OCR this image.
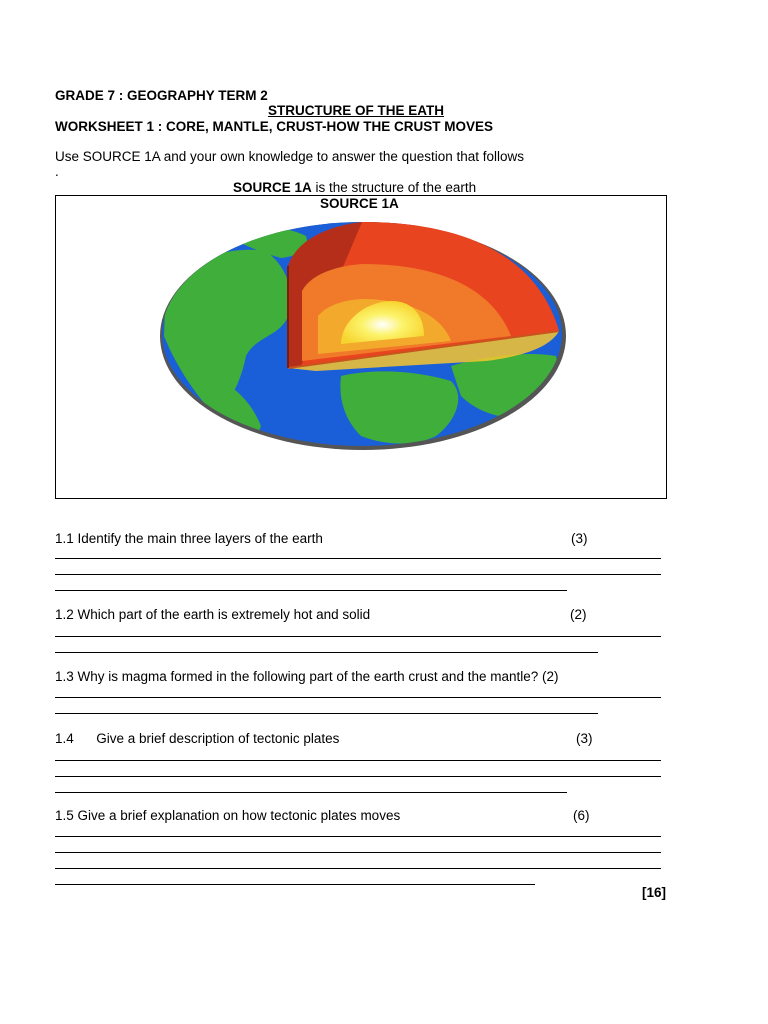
GRADE 7 : GEOGRAPHY TERM 2
STRUCTURE OF THE EATH
WORKSHEET 1 : CORE, MANTLE, CRUST-HOW THE CRUST MOVES
Use SOURCE 1A and your own knowledge to answer the question that follows
.
SOURCE 1A is the structure of the earth
SOURCE 1A
1.1 Identify the main three layers of the earth	(3)
1.2 Which part of the earth is extremely hot and solid	(2)
1.3 Why is magma formed in the following part of the earth crust and the mantle? (2)
1.4      Give a brief description of tectonic plates	(3)
1.5 Give a brief explanation on how tectonic plates moves	(6)
[16]
